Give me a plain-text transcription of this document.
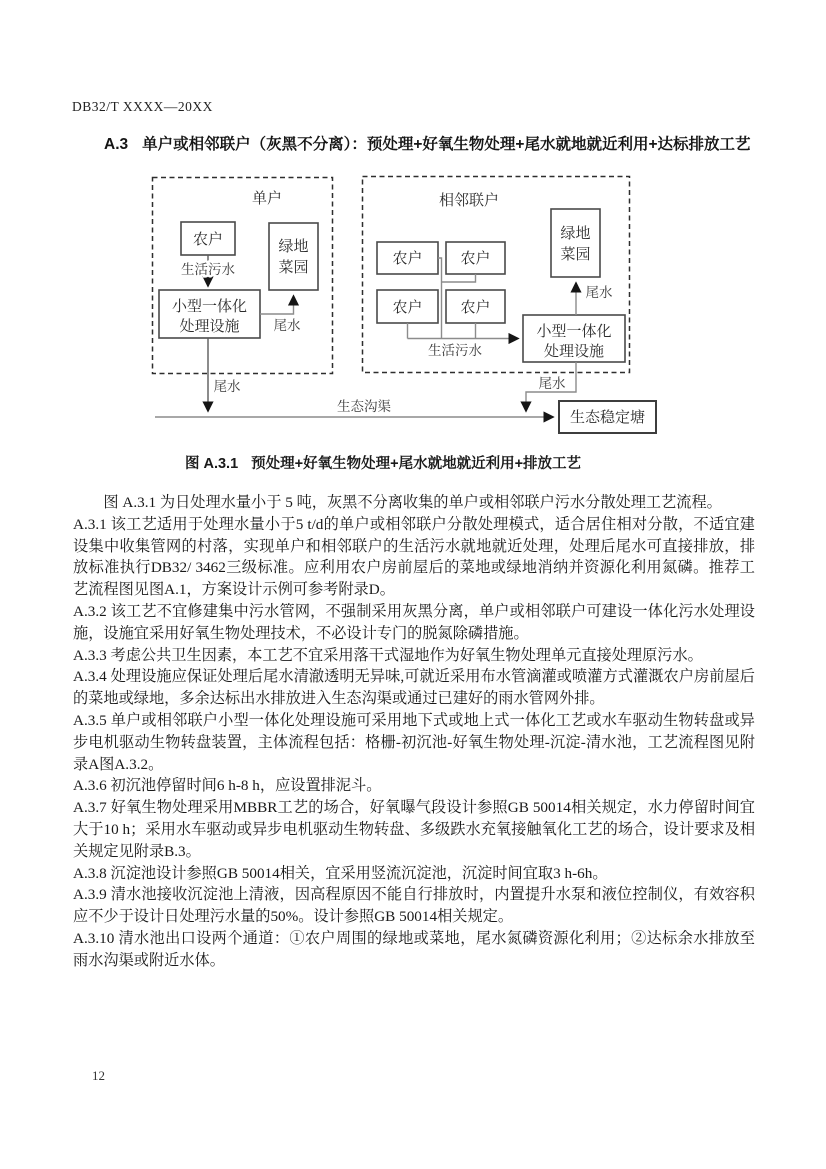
DB32/T XXXX—20XX
A.3 单户或相邻联户（灰黑不分离）：预处理+好氧生物处理+尾水就地就近利用+达标排放工艺
单户	相邻联户
农户	绿地
菜园
小型一体化
处理设施
生活污水
尾水
尾水
农户	农户
农户	农户
绿地
菜园
小型一体化
处理设施
生活污水
尾水
尾水
生态沟渠
生态稳定塘
图 A.3.1 预处理+好氧生物处理+尾水就地就近利用+排放工艺

图 A.3.1 为日处理水量小于 5 吨，灰黑不分离收集的单户或相邻联户污水分散处理工艺流程。

A.3.1 该工艺适用于处理水量小于5 t/d的单户或相邻联户分散处理模式，适合居住相对分散，不适宜建设集中收集管网的村落，实现单户和相邻联户的生活污水就地就近处理，处理后尾水可直接排放，排放标准执行DB32/ 3462三级标准。应利用农户房前屋后的菜地或绿地消纳并资源化利用氮磷。推荐工艺流程图见图A.1，方案设计示例可参考附录D。

A.3.2 该工艺不宜修建集中污水管网，不强制采用灰黑分离，单户或相邻联户可建设一体化污水处理设施，设施宜采用好氧生物处理技术，不必设计专门的脱氮除磷措施。

A.3.3 考虑公共卫生因素，本工艺不宜采用落干式湿地作为好氧生物处理单元直接处理原污水。

A.3.4 处理设施应保证处理后尾水清澈透明无异味,可就近采用布水管滴灌或喷灌方式灌溉农户房前屋后的菜地或绿地，多余达标出水排放进入生态沟渠或通过已建好的雨水管网外排。

A.3.5 单户或相邻联户小型一体化处理设施可采用地下式或地上式一体化工艺或水车驱动生物转盘或异步电机驱动生物转盘装置，主体流程包括：格栅-初沉池-好氧生物处理-沉淀-清水池，工艺流程图见附录A图A.3.2。

A.3.6 初沉池停留时间6 h-8 h，应设置排泥斗。

A.3.7 好氧生物处理采用MBBR工艺的场合，好氧曝气段设计参照GB 50014相关规定，水力停留时间宜大于10 h；采用水车驱动或异步电机驱动生物转盘、多级跌水充氧接触氧化工艺的场合，设计要求及相关规定见附录B.3。

A.3.8 沉淀池设计参照GB 50014相关，宜采用竖流沉淀池，沉淀时间宜取3 h-6h。

A.3.9 清水池接收沉淀池上清液，因高程原因不能自行排放时，内置提升水泵和液位控制仪，有效容积应不少于设计日处理污水量的50%。设计参照GB 50014相关规定。

A.3.10 清水池出口设两个通道：①农户周围的绿地或菜地，尾水氮磷资源化利用；②达标余水排放至雨水沟渠或附近水体。

12
